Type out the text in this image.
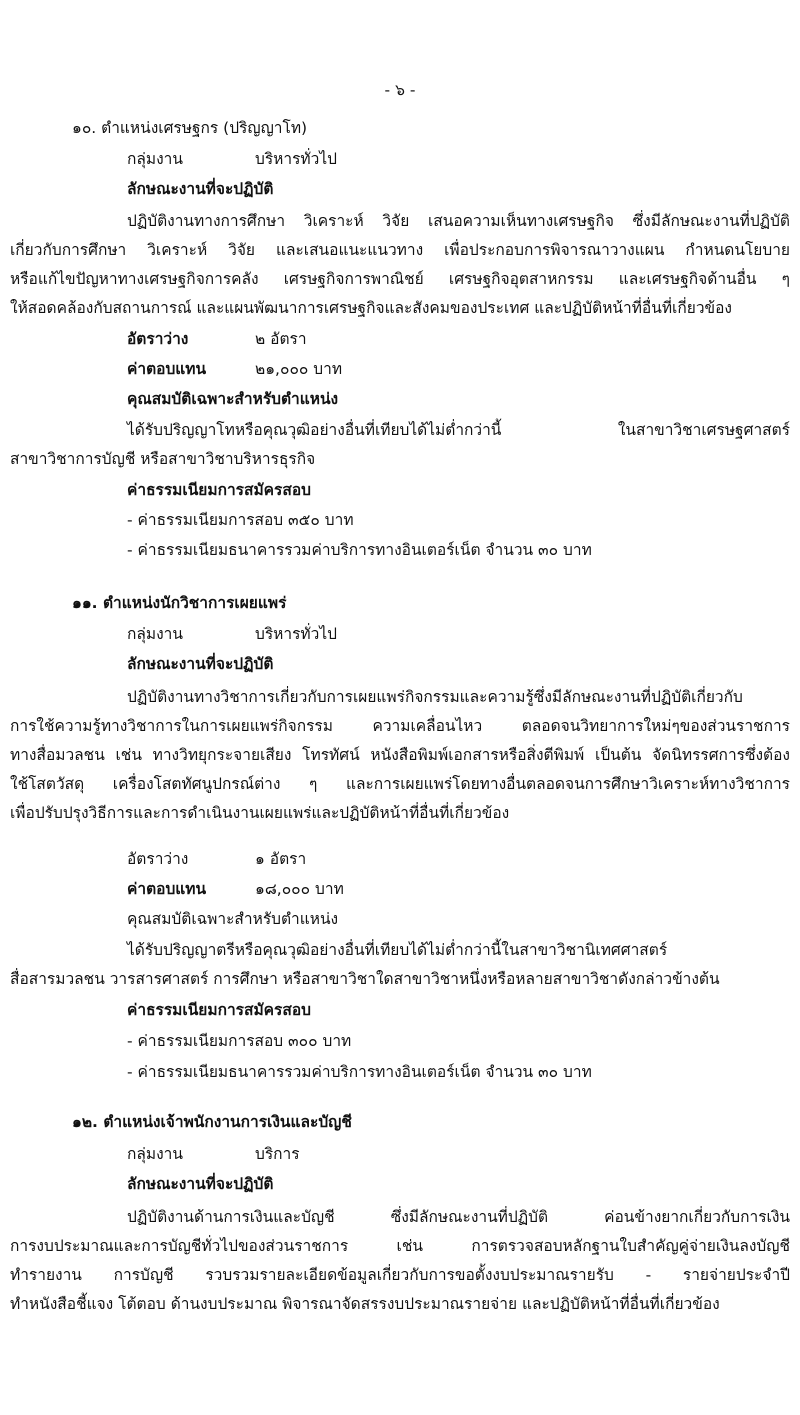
- ๖ -
๑๐. ตำแหน่งเศรษฐกร (ปริญญาโท)
กลุ่มงาน	บริหารทั่วไป
ลักษณะงานที่จะปฏิบัติ
ปฏิบัติงานทางการศึกษา วิเคราะห์ วิจัย เสนอความเห็นทางเศรษฐกิจ ซึ่งมีลักษณะงานที่ปฏิบัติ
เกี่ยวกับการศึกษา วิเคราะห์ วิจัย และเสนอแนะแนวทาง เพื่อประกอบการพิจารณาวางแผน กำหนดนโยบาย
หรือแก้ไขปัญหาทางเศรษฐกิจการคลัง เศรษฐกิจการพาณิชย์ เศรษฐกิจอุตสาหกรรม และเศรษฐกิจด้านอื่น ๆ
ให้สอดคล้องกับสถานการณ์ และแผนพัฒนาการเศรษฐกิจและสังคมของประเทศ และปฏิบัติหน้าที่อื่นที่เกี่ยวข้อง
อัตราว่าง	๒ อัตรา
ค่าตอบแทน	๒๑,๐๐๐ บาท
คุณสมบัติเฉพาะสำหรับตำแหน่ง
ได้รับปริญญาโทหรือคุณวุฒิอย่างอื่นที่เทียบได้ไม่ต่ำกว่านี้ ในสาขาวิชาเศรษฐศาสตร์
สาขาวิชาการบัญชี หรือสาขาวิชาบริหารธุรกิจ
ค่าธรรมเนียมการสมัครสอบ
- ค่าธรรมเนียมการสอบ ๓๕๐ บาท
- ค่าธรรมเนียมธนาคารรวมค่าบริการทางอินเตอร์เน็ต จำนวน ๓๐ บาท
๑๑. ตำแหน่งนักวิชาการเผยแพร่
กลุ่มงาน	บริหารทั่วไป
ลักษณะงานที่จะปฏิบัติ
ปฏิบัติงานทางวิชาการเกี่ยวกับการเผยแพร่กิจกรรมและความรู้ซึ่งมีลักษณะงานที่ปฏิบัติเกี่ยวกับ
การใช้ความรู้ทางวิชาการในการเผยแพร่กิจกรรม ความเคลื่อนไหว ตลอดจนวิทยาการใหม่ๆของส่วนราชการ
ทางสื่อมวลชน เช่น ทางวิทยุกระจายเสียง โทรทัศน์ หนังสือพิมพ์เอกสารหรือสิ่งตีพิมพ์ เป็นต้น จัดนิทรรศการซึ่งต้อง
ใช้โสตวัสดุ เครื่องโสตทัศนูปกรณ์ต่าง ๆ และการเผยแพร่โดยทางอื่นตลอดจนการศึกษาวิเคราะห์ทางวิชาการ
เพื่อปรับปรุงวิธีการและการดำเนินงานเผยแพร่และปฏิบัติหน้าที่อื่นที่เกี่ยวข้อง
อัตราว่าง	๑ อัตรา
ค่าตอบแทน	๑๘,๐๐๐ บาท
คุณสมบัติเฉพาะสำหรับตำแหน่ง
ได้รับปริญญาตรีหรือคุณวุฒิอย่างอื่นที่เทียบได้ไม่ต่ำกว่านี้ในสาขาวิชานิเทศศาสตร์
สื่อสารมวลชน วารสารศาสตร์ การศึกษา หรือสาขาวิชาใดสาขาวิชาหนึ่งหรือหลายสาขาวิชาดังกล่าวข้างต้น
ค่าธรรมเนียมการสมัครสอบ
- ค่าธรรมเนียมการสอบ ๓๐๐ บาท
- ค่าธรรมเนียมธนาคารรวมค่าบริการทางอินเตอร์เน็ต จำนวน ๓๐ บาท
๑๒. ตำแหน่งเจ้าพนักงานการเงินและบัญชี
กลุ่มงาน	บริการ
ลักษณะงานที่จะปฏิบัติ
ปฏิบัติงานด้านการเงินและบัญชี ซึ่งมีลักษณะงานที่ปฏิบัติ ค่อนข้างยากเกี่ยวกับการเงิน
การงบประมาณและการบัญชีทั่วไปของส่วนราชการ เช่น การตรวจสอบหลักฐานใบสำคัญคู่จ่ายเงินลงบัญชี
ทำรายงาน การบัญชี รวบรวมรายละเอียดข้อมูลเกี่ยวกับการขอตั้งงบประมาณรายรับ - รายจ่ายประจำปี
ทำหนังสือชี้แจง โต้ตอบ ด้านงบประมาณ พิจารณาจัดสรรงบประมาณรายจ่าย และปฏิบัติหน้าที่อื่นที่เกี่ยวข้อง
